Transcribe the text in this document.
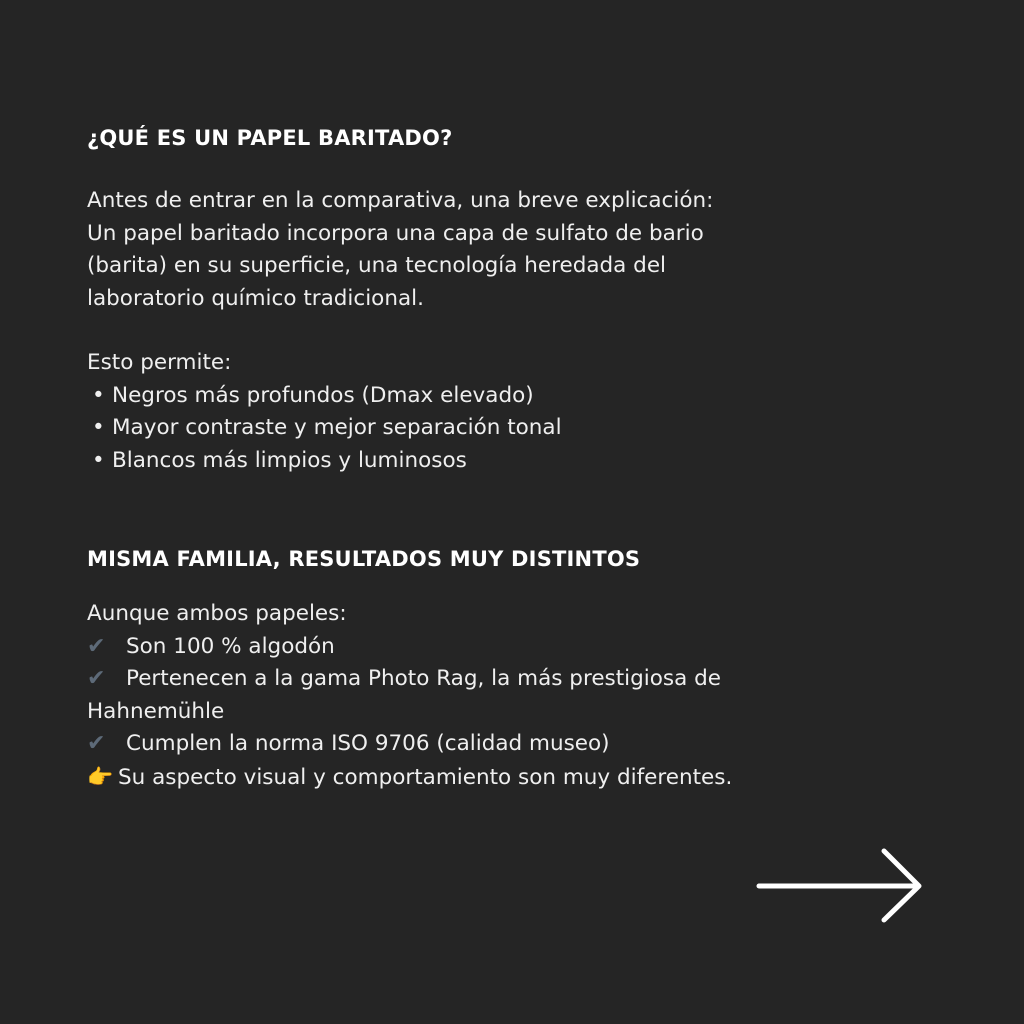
¿QUÉ ES UN PAPEL BARITADO?
Antes de entrar en la comparativa, una breve explicación:
Un papel baritado incorpora una capa de sulfato de bario
(barita) en su superficie, una tecnología heredada del
laboratorio químico tradicional.
Esto permite:
• Negros más profundos (Dmax elevado)
• Mayor contraste y mejor separación tonal
• Blancos más limpios y luminosos
MISMA FAMILIA, RESULTADOS MUY DISTINTOS
Aunque ambos papeles:
✔ Son 100 % algodón
✔ Pertenecen a la gama Photo Rag, la más prestigiosa de
Hahnemühle
✔ Cumplen la norma ISO 9706 (calidad museo)
👉 Su aspecto visual y comportamiento son muy diferentes.
